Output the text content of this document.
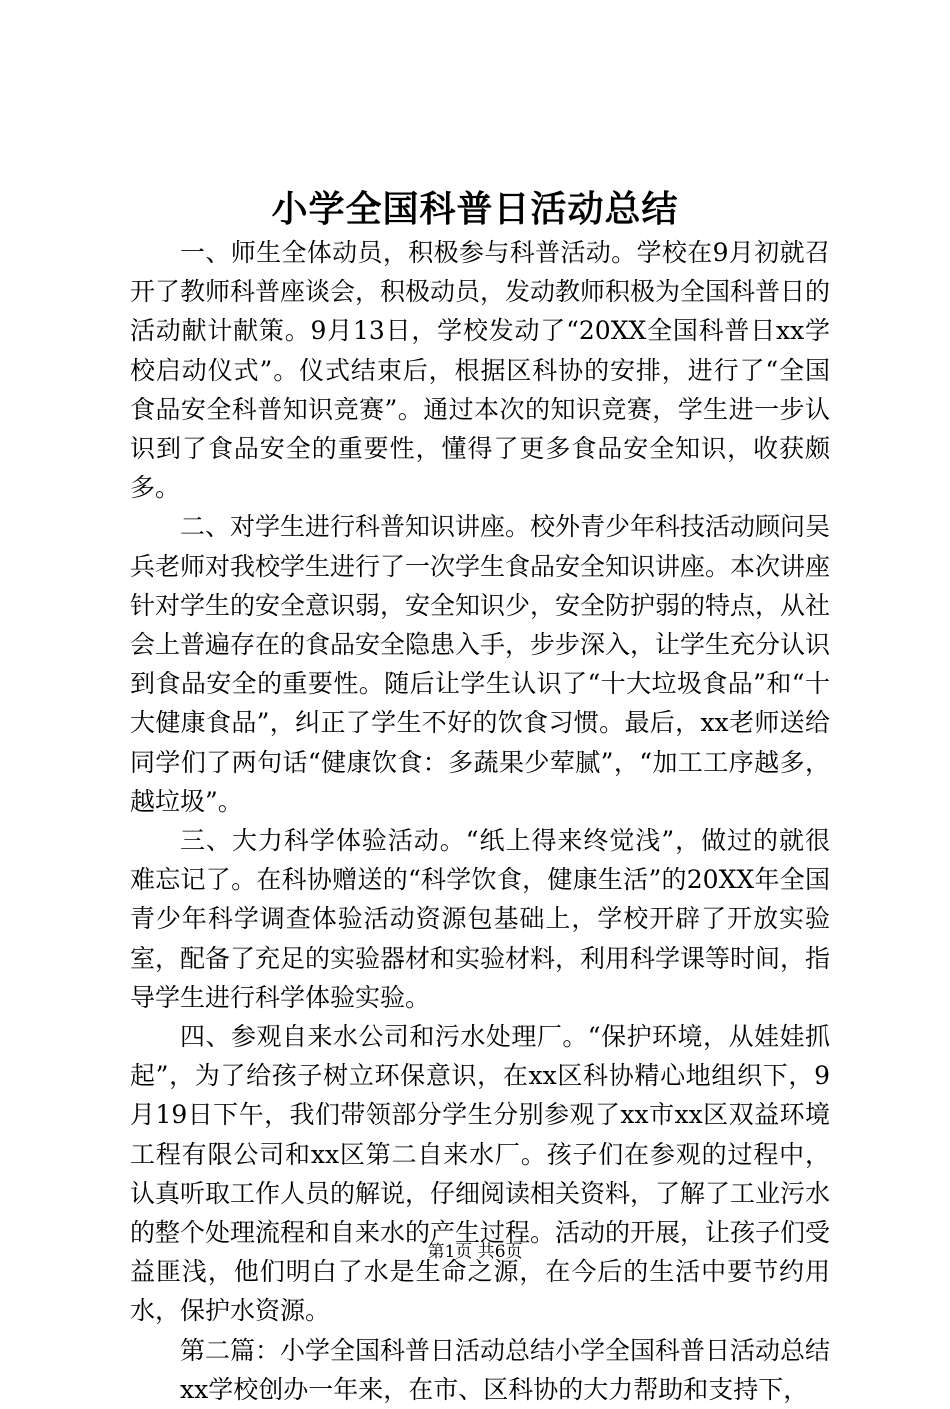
小学全国科普日活动总结

一、师生全体动员，积极参与科普活动。学校在9月初就召开了教师科普座谈会，积极动员，发动教师积极为全国科普日的活动献计献策。9月13日，学校发动了“20XX全国科普日xx学校启动仪式”。仪式结束后，根据区科协的安排，进行了“全国食品安全科普知识竞赛”。通过本次的知识竞赛，学生进一步认识到了食品安全的重要性，懂得了更多食品安全知识，收获颇多。

二、对学生进行科普知识讲座。校外青少年科技活动顾问吴兵老师对我校学生进行了一次学生食品安全知识讲座。本次讲座针对学生的安全意识弱，安全知识少，安全防护弱的特点，从社会上普遍存在的食品安全隐患入手，步步深入，让学生充分认识到食品安全的重要性。随后让学生认识了“十大垃圾食品”和“十大健康食品”，纠正了学生不好的饮食习惯。最后，xx老师送给同学们了两句话“健康饮食：多蔬果少荤腻”，“加工工序越多，越垃圾”。

三、大力科学体验活动。“纸上得来终觉浅”，做过的就很难忘记了。在科协赠送的“科学饮食，健康生活”的20XX年全国青少年科学调查体验活动资源包基础上，学校开辟了开放实验室，配备了充足的实验器材和实验材料，利用科学课等时间，指导学生进行科学体验实验。

四、参观自来水公司和污水处理厂。“保护环境，从娃娃抓起”，为了给孩子树立环保意识，在xx区科协精心地组织下，9月19日下午，我们带领部分学生分别参观了xx市xx区双益环境工程有限公司和xx区第二自来水厂。孩子们在参观的过程中，认真听取工作人员的解说，仔细阅读相关资料，了解了工业污水的整个处理流程和自来水的产生过程。活动的开展，让孩子们受益匪浅，他们明白了水是生命之源，在今后的生活中要节约用水，保护水资源。

第二篇：小学全国科普日活动总结小学全国科普日活动总结

xx学校创办一年来，在市、区科协的大力帮助和支持下，

第1页 共6页
